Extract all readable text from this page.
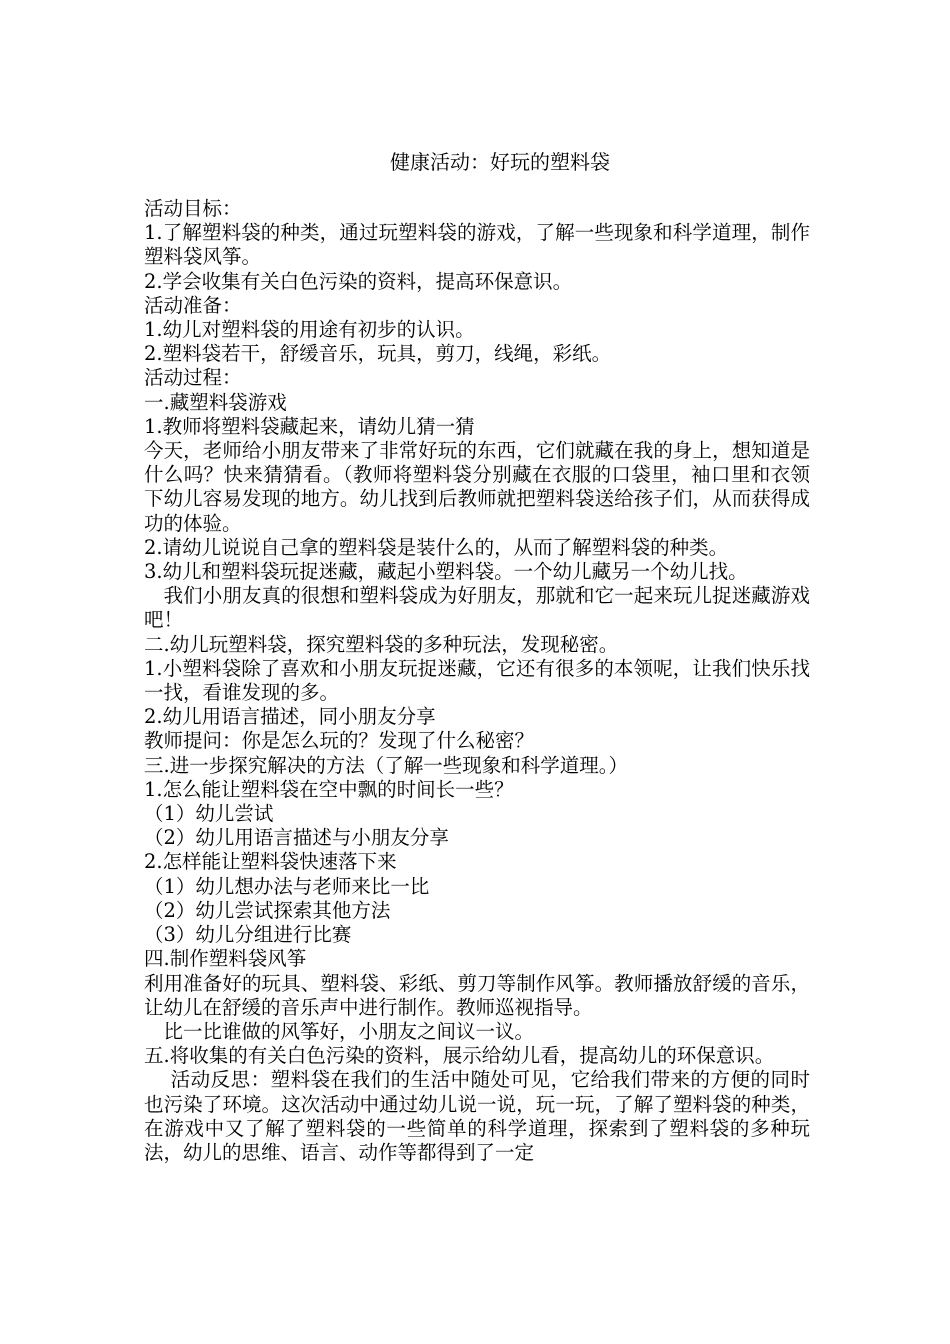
健康活动：好玩的塑料袋

活动目标：

1.了解塑料袋的种类，通过玩塑料袋的游戏，了解一些现象和科学道理，制作塑料袋风筝。

2.学会收集有关白色污染的资料，提高环保意识。

活动准备：

1.幼儿对塑料袋的用途有初步的认识。

2.塑料袋若干，舒缓音乐，玩具，剪刀，线绳，彩纸。

活动过程：

一.藏塑料袋游戏

1.教师将塑料袋藏起来，请幼儿猜一猜

今天，老师给小朋友带来了非常好玩的东西，它们就藏在我的身上，想知道是什么吗？快来猜猜看。（教师将塑料袋分别藏在衣服的口袋里，袖口里和衣领下幼儿容易发现的地方。幼儿找到后教师就把塑料袋送给孩子们，从而获得成功的体验。

2.请幼儿说说自己拿的塑料袋是装什么的，从而了解塑料袋的种类。

3.幼儿和塑料袋玩捉迷藏，藏起小塑料袋。一个幼儿藏另一个幼儿找。

　我们小朋友真的很想和塑料袋成为好朋友，那就和它一起来玩儿捉迷藏游戏吧！

二.幼儿玩塑料袋，探究塑料袋的多种玩法，发现秘密。

1.小塑料袋除了喜欢和小朋友玩捉迷藏，它还有很多的本领呢，让我们快乐找一找，看谁发现的多。

2.幼儿用语言描述，同小朋友分享

教师提问：你是怎么玩的？发现了什么秘密？

三.进一步探究解决的方法（了解一些现象和科学道理。）

1.怎么能让塑料袋在空中飘的时间长一些？

（1）幼儿尝试

（2）幼儿用语言描述与小朋友分享

2.怎样能让塑料袋快速落下来

（1）幼儿想办法与老师来比一比

（2）幼儿尝试探索其他方法

（3）幼儿分组进行比赛

四.制作塑料袋风筝

利用准备好的玩具、塑料袋、彩纸、剪刀等制作风筝。教师播放舒缓的音乐，让幼儿在舒缓的音乐声中进行制作。教师巡视指导。

　比一比谁做的风筝好，小朋友之间议一议。

五.将收集的有关白色污染的资料，展示给幼儿看，提高幼儿的环保意识。

　 活动反思：塑料袋在我们的生活中随处可见，它给我们带来的方便的同时也污染了环境。这次活动中通过幼儿说一说，玩一玩，了解了塑料袋的种类，在游戏中又了解了塑料袋的一些简单的科学道理，探索到了塑料袋的多种玩法，幼儿的思维、语言、动作等都得到了一定
